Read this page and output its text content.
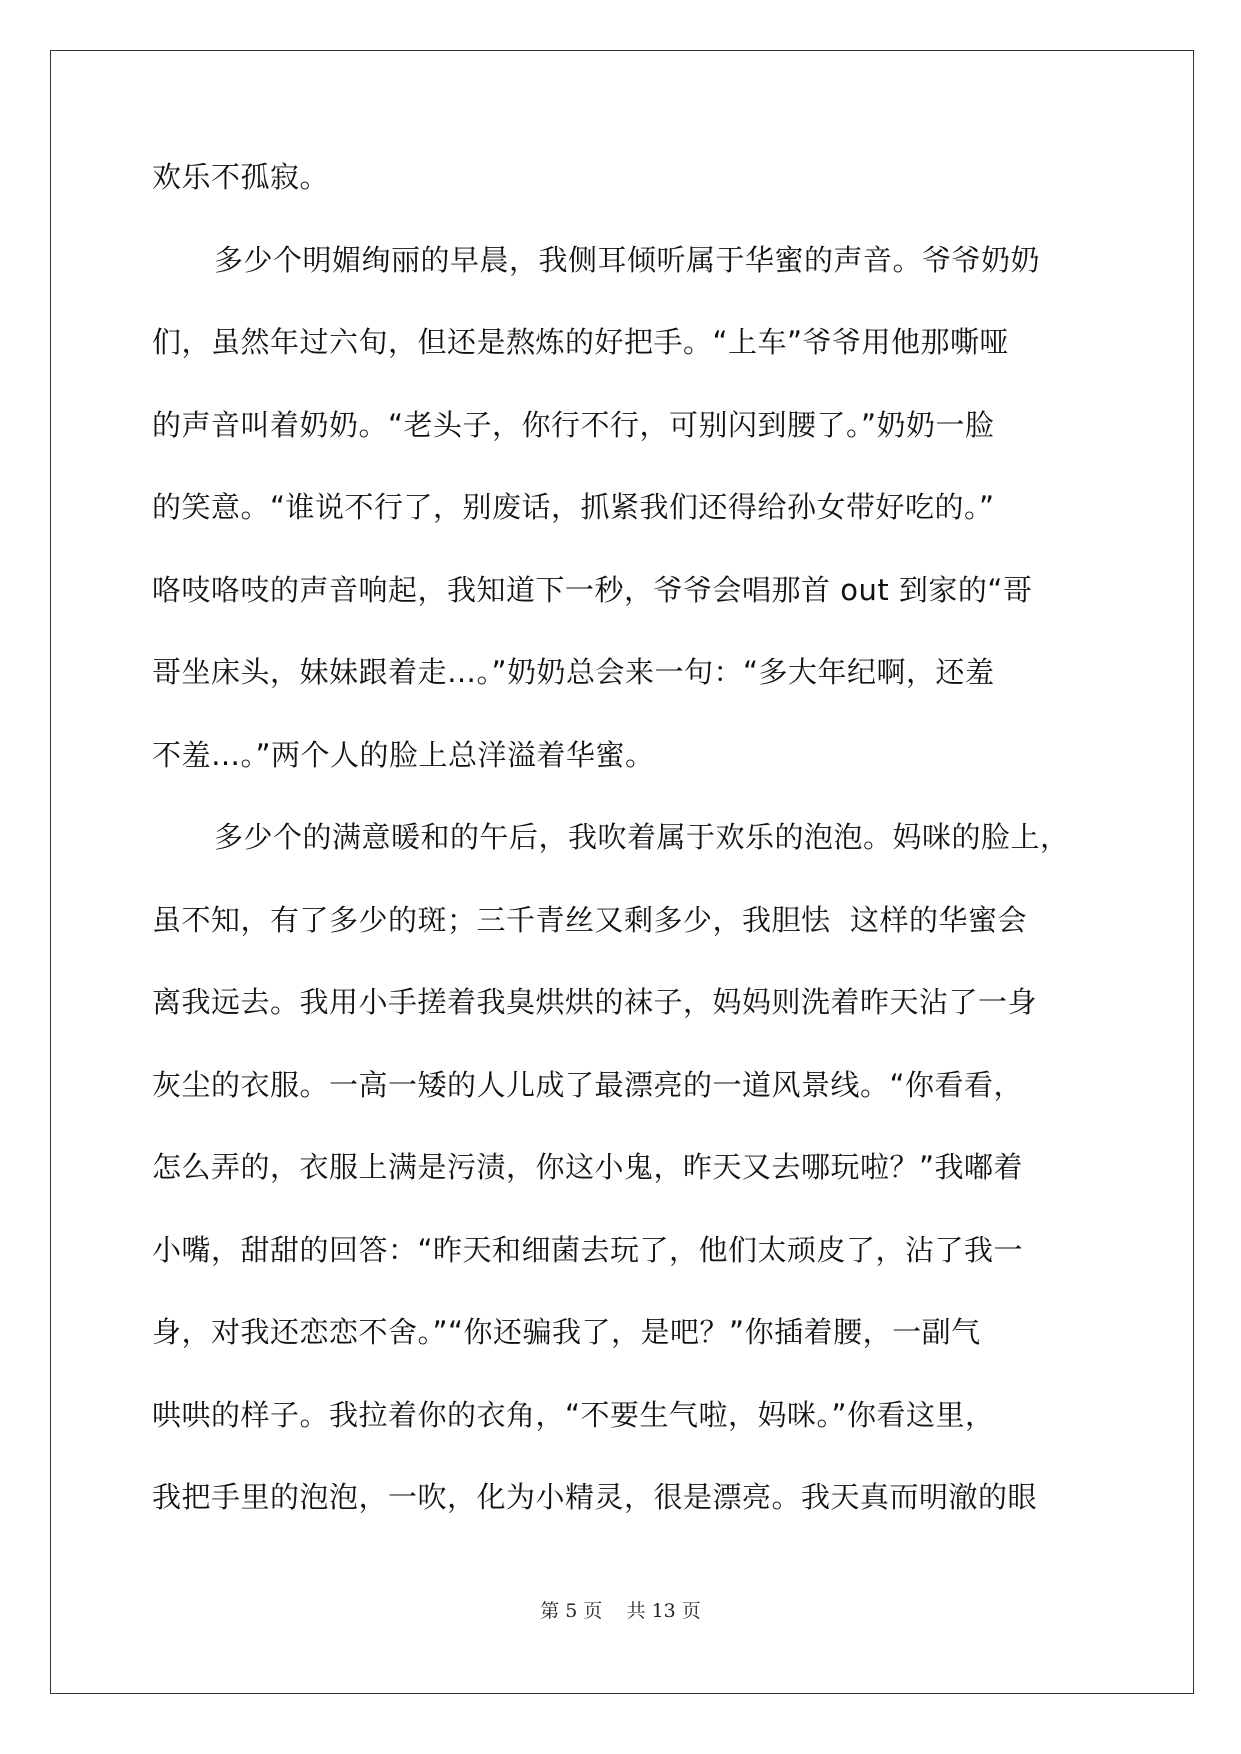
欢乐不孤寂。
多少个明媚绚丽的早晨，我侧耳倾听属于华蜜的声音。爷爷奶奶
们，虽然年过六旬，但还是熬炼的好把手。“上车”爷爷用他那嘶哑
的声音叫着奶奶。“老头子，你行不行，可别闪到腰了。”奶奶一脸
的笑意。“谁说不行了，别废话，抓紧我们还得给孙女带好吃的。”
咯吱咯吱的声音响起，我知道下一秒，爷爷会唱那首 out 到家的“哥
哥坐床头，妹妹跟着走…。”奶奶总会来一句：“多大年纪啊，还羞
不羞…。”两个人的脸上总洋溢着华蜜。
多少个的满意暖和的午后，我吹着属于欢乐的泡泡。妈咪的脸上，
虽不知，有了多少的斑；三千青丝又剩多少，我胆怯  这样的华蜜会
离我远去。我用小手搓着我臭烘烘的袜子，妈妈则洗着昨天沾了一身
灰尘的衣服。一高一矮的人儿成了最漂亮的一道风景线。“你看看，
怎么弄的，衣服上满是污渍，你这小鬼，昨天又去哪玩啦？”我嘟着
小嘴，甜甜的回答：“昨天和细菌去玩了，他们太顽皮了，沾了我一
身，对我还恋恋不舍。”“你还骗我了，是吧？”你插着腰，一副气
哄哄的样子。我拉着你的衣角，“不要生气啦，妈咪。”你看这里，
我把手里的泡泡，一吹，化为小精灵，很是漂亮。我天真而明澈的眼
第 5 页 共 13 页
